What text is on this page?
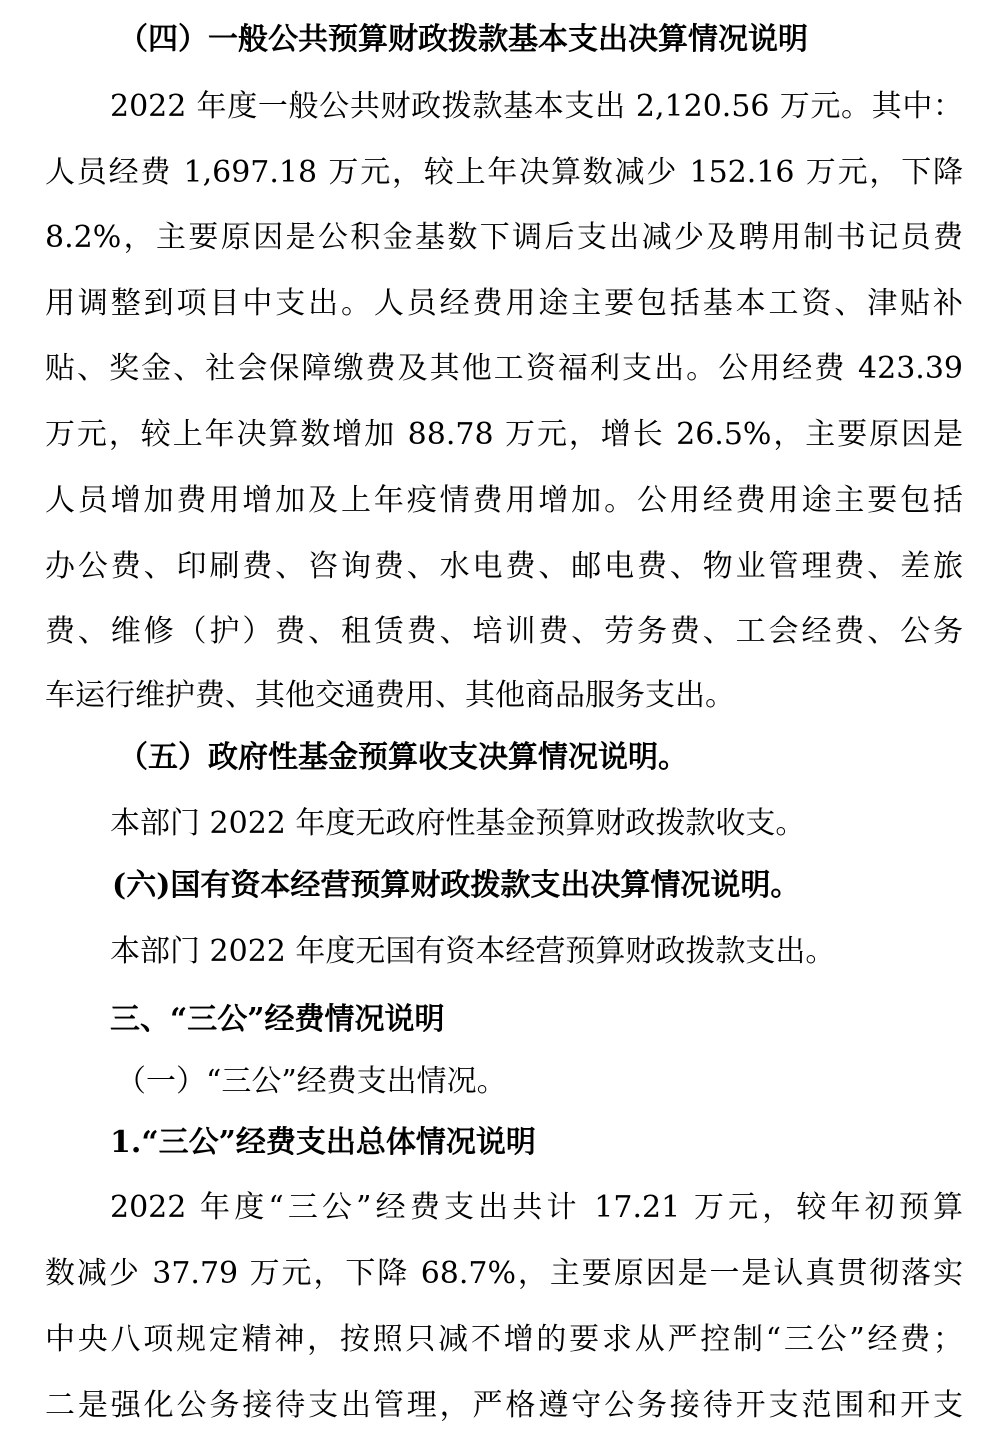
（四）一般公共预算财政拨款基本支出决算情况说明
2022 年度一般公共财政拨款基本支出 2,120.56 万元。其中：
人员经费 1,697.18 万元，较上年决算数减少 152.16 万元，下降
8.2%，主要原因是公积金基数下调后支出减少及聘用制书记员费
用调整到项目中支出。人员经费用途主要包括基本工资、津贴补
贴、奖金、社会保障缴费及其他工资福利支出。公用经费 423.39
万元，较上年决算数增加 88.78 万元，增长 26.5%，主要原因是
人员增加费用增加及上年疫情费用增加。公用经费用途主要包括
办公费、印刷费、咨询费、水电费、邮电费、物业管理费、差旅
费、维修（护）费、租赁费、培训费、劳务费、工会经费、公务
车运行维护费、其他交通费用、其他商品服务支出。
（五）政府性基金预算收支决算情况说明。
本部门 2022 年度无政府性基金预算财政拨款收支。
(六)国有资本经营预算财政拨款支出决算情况说明。
本部门 2022 年度无国有资本经营预算财政拨款支出。
三、“三公”经费情况说明
（一）“三公”经费支出情况。
1.“三公”经费支出总体情况说明
2022 年度“三公”经费支出共计 17.21 万元，较年初预算
数减少 37.79 万元，下降 68.7%，主要原因是一是认真贯彻落实
中央八项规定精神，按照只减不增的要求从严控制“三公”经费；
二是强化公务接待支出管理，严格遵守公务接待开支范围和开支
